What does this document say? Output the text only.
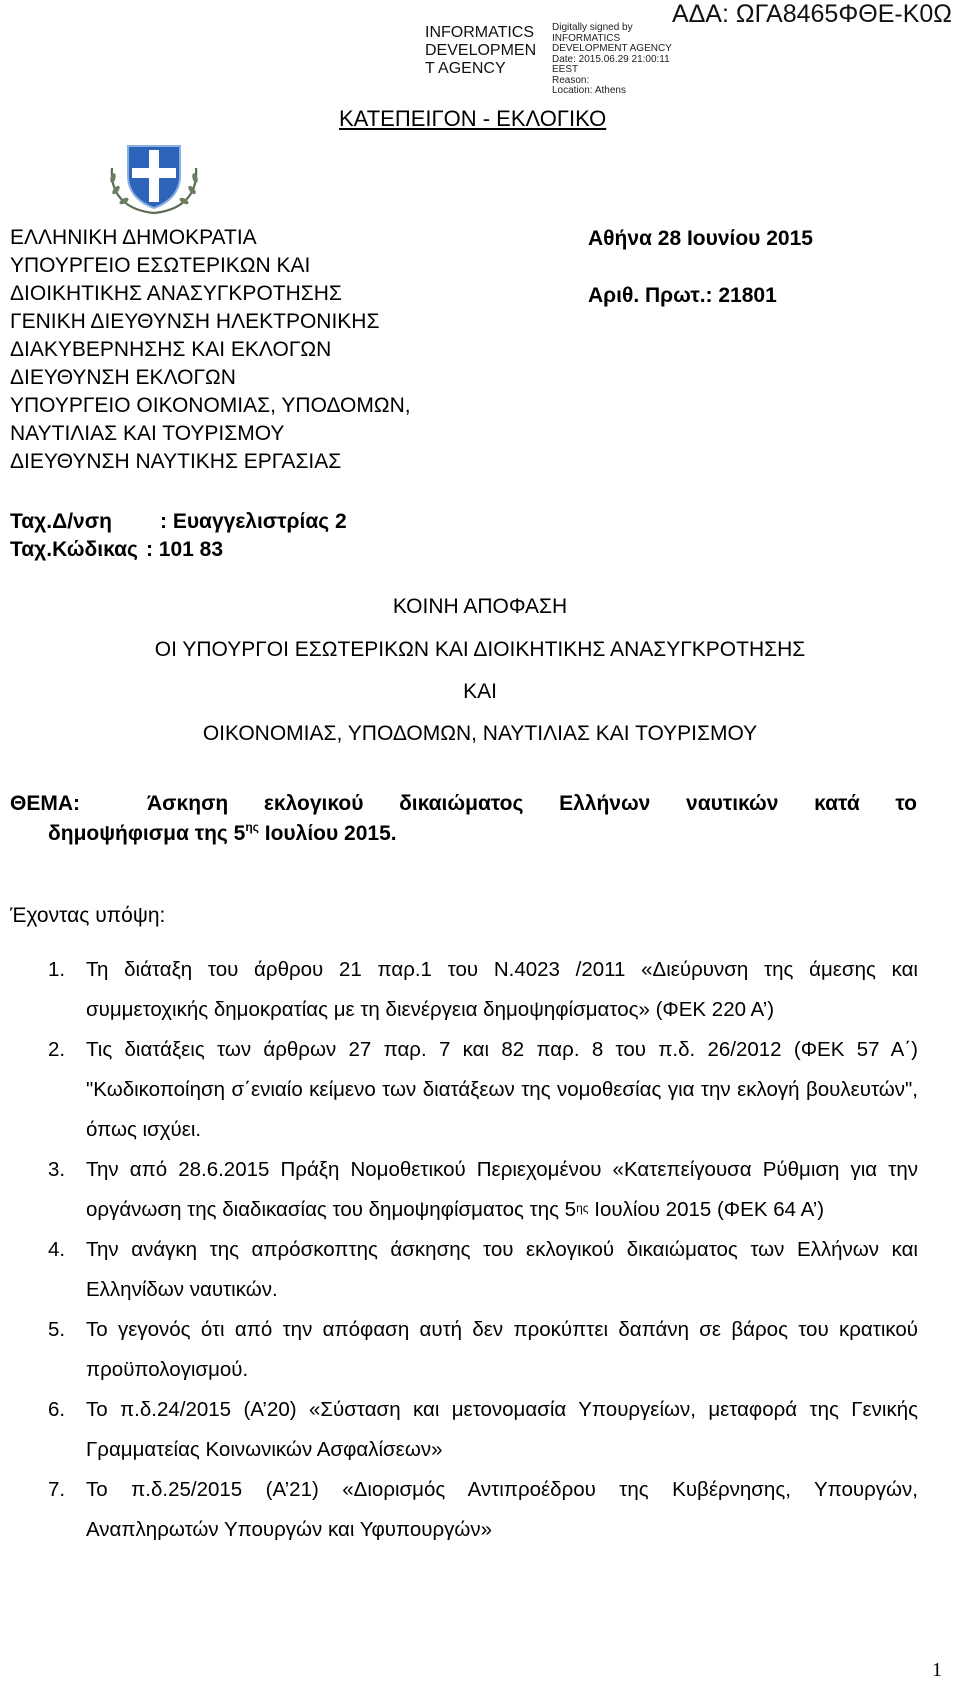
ΑΔΑ: ΩΓΑ8465ΦΘΕ-Κ0Ω
INFORMATICS
DEVELOPMEN
T AGENCY
Digitally signed by
INFORMATICS
DEVELOPMENT AGENCY
Date: 2015.06.29 21:00:11
EEST
Reason:
Location: Athens
ΚΑΤΕΠΕΙΓΟΝ - ΕΚΛΟΓΙΚΟ
ΕΛΛΗΝΙΚΗ ΔΗΜΟΚΡΑΤΙΑ
ΥΠΟΥΡΓΕΙΟ ΕΣΩΤΕΡΙΚΩΝ ΚΑΙ
ΔΙΟΙΚΗΤΙΚΗΣ ΑΝΑΣΥΓΚΡΟΤΗΣΗΣ
ΓΕΝΙΚΗ ΔΙΕΥΘΥΝΣΗ ΗΛΕΚΤΡΟΝΙΚΗΣ
ΔΙΑΚΥΒΕΡΝΗΣΗΣ ΚΑΙ ΕΚΛΟΓΩΝ
ΔΙΕΥΘΥΝΣΗ ΕΚΛΟΓΩΝ
ΥΠΟΥΡΓΕΙΟ ΟΙΚΟΝΟΜΙΑΣ, ΥΠΟΔΟΜΩΝ,
ΝΑΥΤΙΛΙΑΣ ΚΑΙ ΤΟΥΡΙΣΜΟΥ
ΔΙΕΥΘΥΝΣΗ ΝΑΥΤΙΚΗΣ ΕΡΓΑΣΙΑΣ
Αθήνα 28 Ιουνίου 2015
Αριθ. Πρωτ.: 21801
Ταχ.Δ/νση : Ευαγγελιστρίας 2
Ταχ.Κώδικας : 101 83
ΚΟΙΝΗ ΑΠΟΦΑΣΗ
ΟΙ ΥΠΟΥΡΓΟΙ ΕΣΩΤΕΡΙΚΩΝ ΚΑΙ ΔΙΟΙΚΗΤΙΚΗΣ ΑΝΑΣΥΓΚΡΟΤΗΣΗΣ
ΚΑΙ
ΟΙΚΟΝΟΜΙΑΣ, ΥΠΟΔΟΜΩΝ, ΝΑΥΤΙΛΙΑΣ ΚΑΙ ΤΟΥΡΙΣΜΟΥ
ΘΕΜΑ:	Άσκηση εκλογικού δικαιώματος Ελλήνων ναυτικών κατά το
δημοψήφισμα της $5^{\eta\varsigma}$ Ιουλίου 2015.
Έχοντας υπόψη:
1.	Τη διάταξη του άρθρου 21 παρ.1 του Ν.4023 /2011 «Διεύρυνση της άμεσης και συμμετοχικής δημοκρατίας με τη διενέργεια δημοψηφίσματος» (ΦΕΚ 220 Α’)

2.	Τις διατάξεις των άρθρων 27 παρ. 7 και 82 παρ. 8 του π.δ. 26/2012 (ΦΕΚ 57 Α΄) "Κωδικοποίηση σ΄ενιαίο κείμενο των διατάξεων της νομοθεσίας για την εκλογή βουλευτών", όπως ισχύει.

3.	Την από 28.6.2015 Πράξη Νομοθετικού Περιεχομένου «Κατεπείγουσα Ρύθμιση για την οργάνωση της διαδικασίας του δημοψηφίσματος της $5^{\eta\varsigma}$ Ιουλίου 2015 (ΦΕΚ 64 Α’)

4.	Την ανάγκη της απρόσκοπτης άσκησης του εκλογικού δικαιώματος των Ελλήνων και Ελληνίδων ναυτικών.

5.	Το γεγονός ότι από την απόφαση αυτή δεν προκύπτει δαπάνη σε βάρος του κρατικού προϋπολογισμού.

6.	Το π.δ.24/2015 (Α’20) «Σύσταση και μετονομασία Υπουργείων, μεταφορά της Γενικής Γραμματείας Κοινωνικών Ασφαλίσεων»

7.	Το π.δ.25/2015 (Α’21) «Διορισμός Αντιπροέδρου της Κυβέρνησης, Υπουργών, Αναπληρωτών Υπουργών και Υφυπουργών»

1
